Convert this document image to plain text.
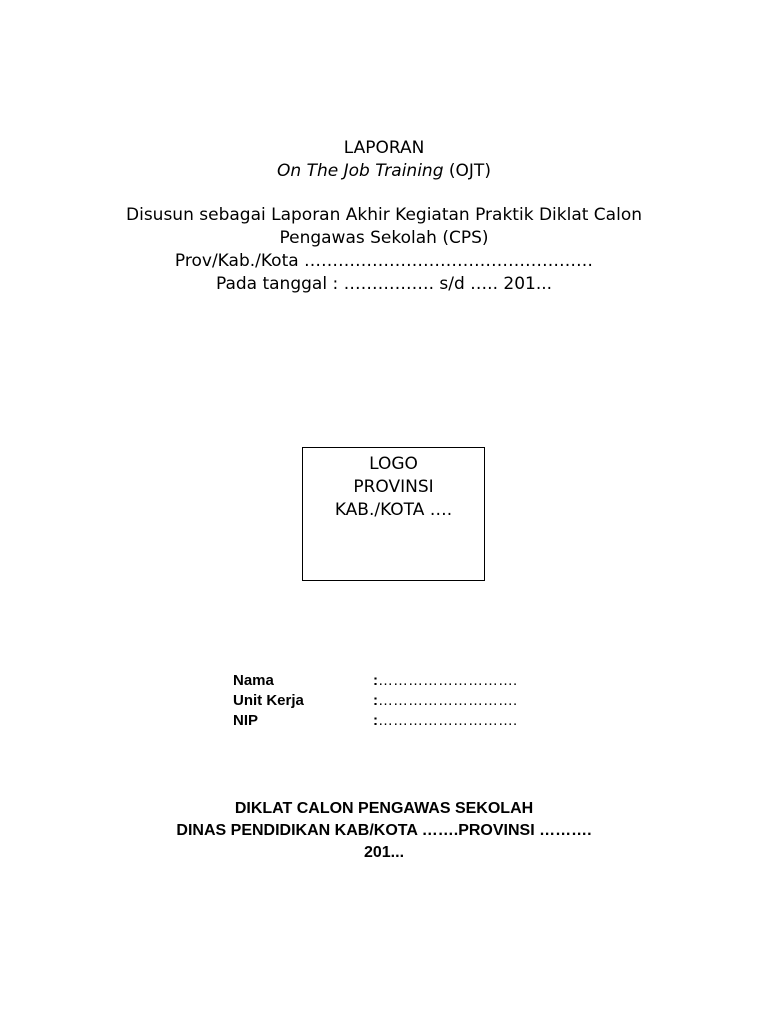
LAPORAN
On The Job Training (OJT)
Disusun sebagai Laporan Akhir Kegiatan Praktik Diklat Calon
Pengawas Sekolah (CPS)
Prov/Kab./Kota ……………………………………………
Pada tanggal : ……………. s/d ….. 201...
LOGO
PROVINSI
KAB./KOTA ….
Nama	:……………………….
Unit Kerja	:……………………….
NIP	:……………………….
DIKLAT CALON PENGAWAS SEKOLAH
DINAS PENDIDIKAN KAB/KOTA …….PROVINSI ……….
201...
